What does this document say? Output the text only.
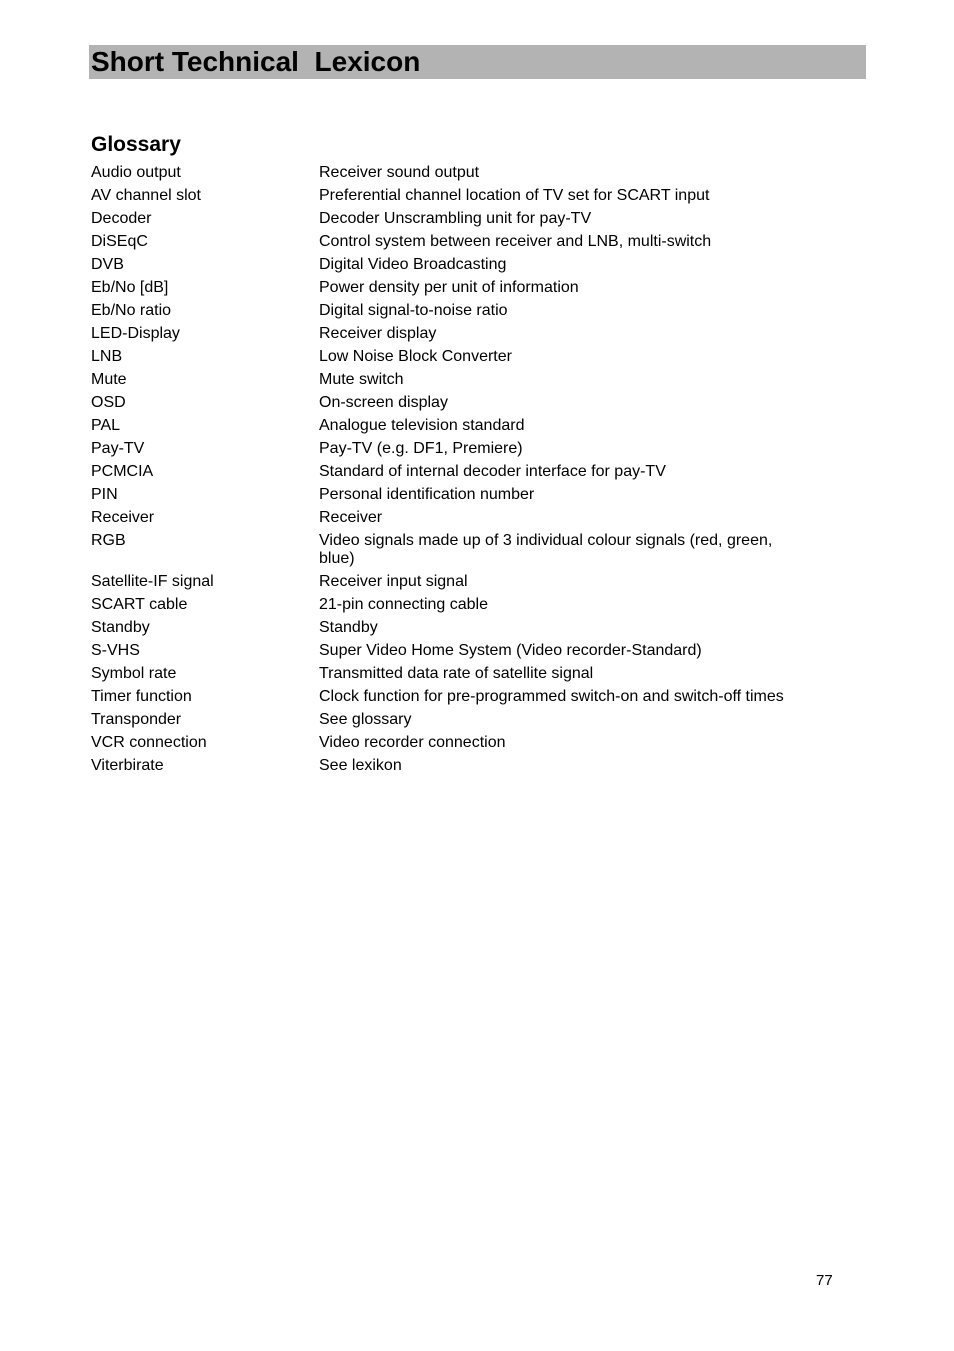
Short Technical  Lexicon
Glossary
Audio output	Receiver sound output
AV channel slot	Preferential channel location of TV set for SCART input
Decoder	Decoder Unscrambling unit for pay-TV
DiSEqC	Control system between receiver and LNB, multi-switch
DVB	Digital Video Broadcasting
Eb/No [dB]	Power density per unit of information
Eb/No ratio	Digital signal-to-noise ratio
LED-Display	Receiver display
LNB	Low Noise Block Converter
Mute	Mute switch
OSD	On-screen display
PAL	Analogue television standard
Pay-TV	Pay-TV (e.g. DF1, Premiere)
PCMCIA	Standard of internal decoder interface for pay-TV
PIN	Personal identification number
Receiver	Receiver
RGB	Video signals made up of 3 individual colour signals (red, green, blue)
Satellite-IF signal	Receiver input signal
SCART cable	21-pin connecting cable
Standby	Standby
S-VHS	Super Video Home System (Video recorder-Standard)
Symbol rate	Transmitted data rate of satellite signal
Timer function	Clock function for pre-programmed switch-on and switch-off times
Transponder	See glossary
VCR connection	Video recorder connection
Viterbirate	See lexikon
77
